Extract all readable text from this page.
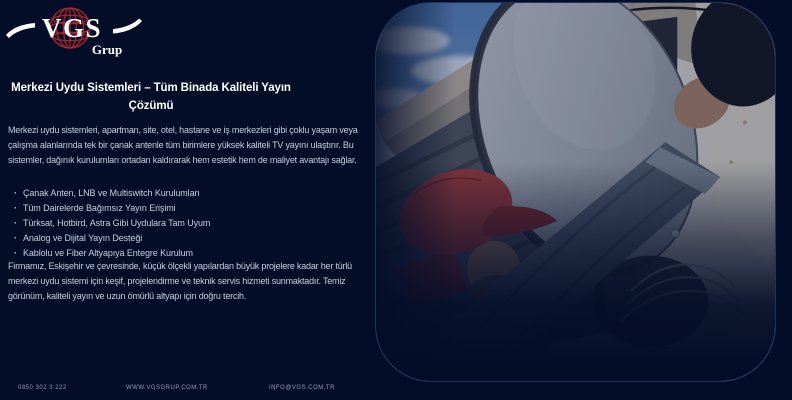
VGS
Grup
Merkezi Uydu Sistemleri – Tüm Binada Kaliteli Yayın
Çözümü

Merkezi uydu sistemleri, apartman, site, otel, hastane ve iş merkezleri gibi çoklu yaşam veya çalışma alanlarında tek bir çanak antenle tüm birimlere yüksek kaliteli TV yayını ulaştırır. Bu sistemler, dağınık kurulumları ortadan kaldırarak hem estetik hem de maliyet avantajı sağlar.

· Çanak Anten, LNB ve Multiswitch Kurulumları
· Tüm Dairelerde Bağımsız Yayın Erişimi
· Türksat, Hotbird, Astra Gibi Uydulara Tam Uyum
· Analog ve Dijital Yayın Desteği
· Kablolu ve Fiber Altyapıya Entegre Kurulum

Firmamız, Eskişehir ve çevresinde, küçük ölçekli yapılardan büyük projelere kadar her türlü merkezi uydu sistemi için keşif, projelendirme ve teknik servis hizmeti sunmaktadır. Temiz görünüm, kaliteli yayın ve uzun ömürlü altyapı için doğru tercih.

0850 302 3 222	WWW.VGSGRUP.COM.TR	INFO@VGS.COM.TR
